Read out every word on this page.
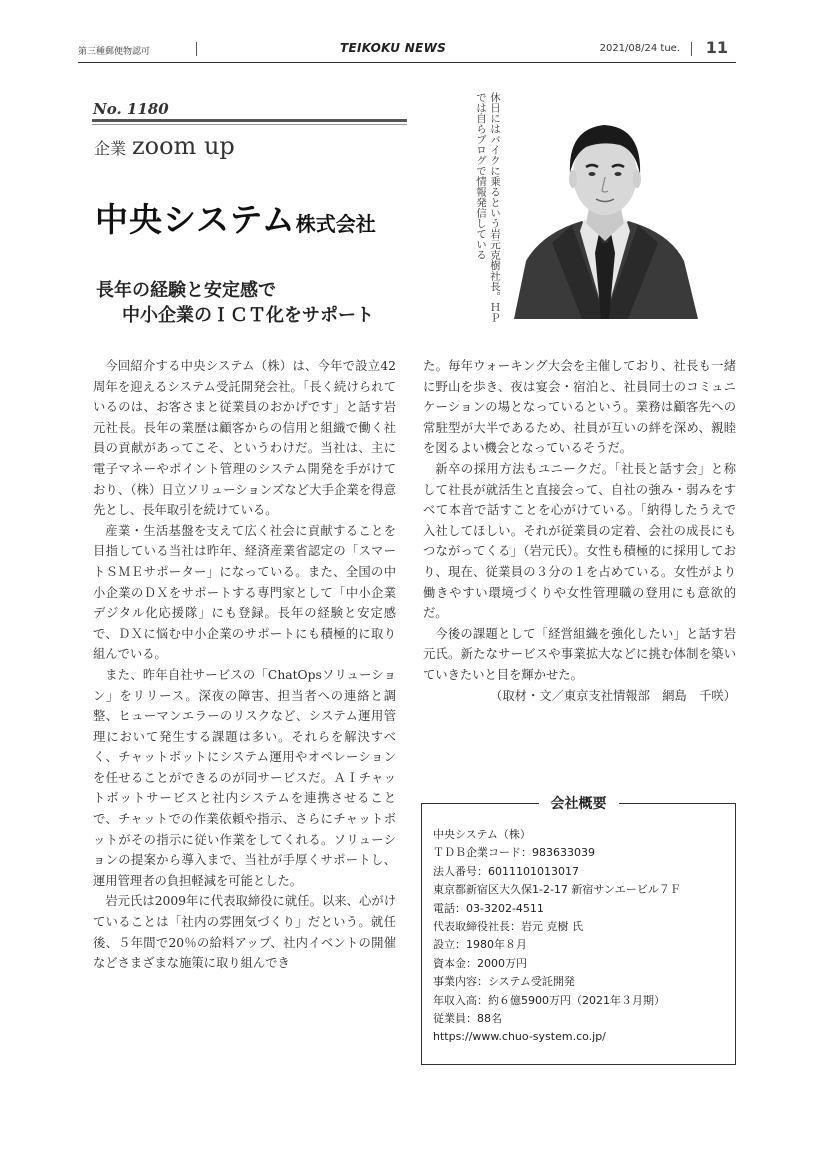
第三種郵便物認可	TEIKOKU NEWS	2021/08/24 tue. 11
No. 1180
企業 zoom up
中央システム株式会社
長年の経験と安定感で
中小企業のＩＣＴ化をサポート	休日にはバイクに乗るという岩元克樹社長。ＨＰでは自らブログで情報発信している

今回紹介する中央システム（株）は、今年で設立42周年を迎えるシステム受託開発会社。「長く続けられているのは、お客さまと従業員のおかげです」と話す岩元社長。長年の業歴は顧客からの信用と組織で働く社員の貢献があってこそ、というわけだ。当社は、主に電子マネーやポイント管理のシステム開発を手がけており、（株）日立ソリューションズなど大手企業を得意先とし、長年取引を続けている。

産業・生活基盤を支えて広く社会に貢献することを目指している当社は昨年、経済産業省認定の「スマートＳＭＥサポーター」になっている。また、全国の中小企業のＤＸをサポートする専門家として「中小企業デジタル化応援隊」にも登録。長年の経験と安定感で、ＤＸに悩む中小企業のサポートにも積極的に取り組んでいる。

また、昨年自社サービスの「ChatOpsソリューション」をリリース。深夜の障害、担当者への連絡と調整、ヒューマンエラーのリスクなど、システム運用管理において発生する課題は多い。それらを解決すべく、チャットボットにシステム運用やオペレーションを任せることができるのが同サービスだ。ＡＩチャットボットサービスと社内システムを連携させることで、チャットでの作業依頼や指示、さらにチャットボットがその指示に従い作業をしてくれる。ソリューションの提案から導入まで、当社が手厚くサポートし、運用管理者の負担軽減を可能とした。

岩元氏は2009年に代表取締役に就任。以来、心がけていることは「社内の雰囲気づくり」だという。就任後、５年間で20％の給料アップ、社内イベントの開催などさまざまな施策に取り組んでき

た。毎年ウォーキング大会を主催しており、社長も一緒に野山を歩き、夜は宴会・宿泊と、社員同士のコミュニケーションの場となっているという。業務は顧客先への常駐型が大半であるため、社員が互いの絆を深め、親睦を図るよい機会となっているそうだ。

新卒の採用方法もユニークだ。「社長と話す会」と称して社長が就活生と直接会って、自社の強み・弱みをすべて本音で話すことを心がけている。「納得したうえで入社してほしい。それが従業員の定着、会社の成長にもつながってくる」（岩元氏）。女性も積極的に採用しており、現在、従業員の３分の１を占めている。女性がより働きやすい環境づくりや女性管理職の登用にも意欲的だ。

今後の課題として「経営組織を強化したい」と話す岩元氏。新たなサービスや事業拡大などに挑む体制を築いていきたいと目を輝かせた。

（取材・文／東京支社情報部　網島　千咲）

会社概要
中央システム（株）
ＴＤＢ企業コード：983633039
法人番号：6011101013017
東京都新宿区大久保1-2-17 新宿サンエービル７Ｆ
電話：03-3202-4511
代表取締役社長：岩元 克樹 氏
設立：1980年８月
資本金：2000万円
事業内容：システム受託開発
年収入高：約６億5900万円（2021年３月期）
従業員：88名
https://www.chuo-system.co.jp/
